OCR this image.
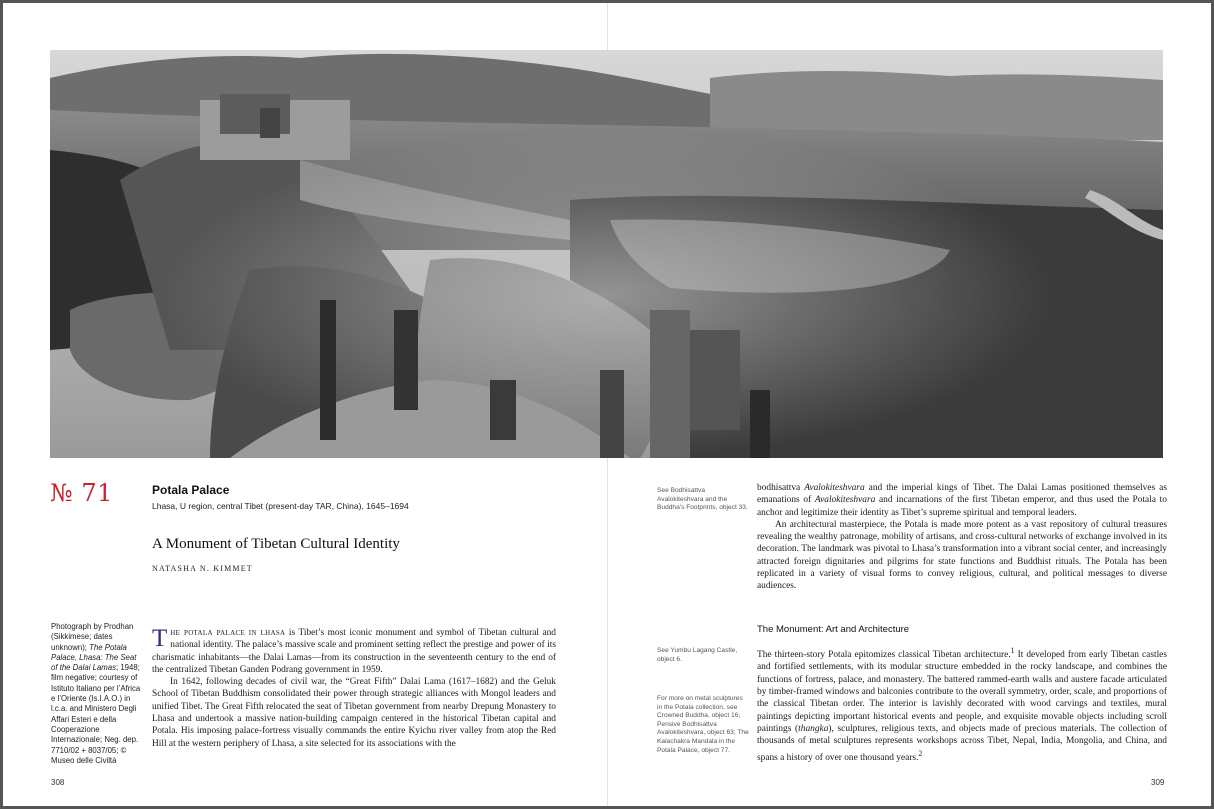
№ 71	Potala Palace
Lhasa, U region, central Tibet (present-day TAR, China), 1645–1694
A Monument of Tibetan Cultural Identity
NATASHA N. KIMMET
Photograph by Prodhan (Sikkimese; dates unknown); The Potala Palace, Lhasa: The Seat of the Dalai Lamas; 1948; film negative; courtesy of Istituto Italiano per l’Africa e l’Oriente (Is.I.A.O.) in l.c.a. and Ministero Degli Affari Esteri e della Cooperazione Internazionale; Neg. dep. 7710/02 + 8037/05; © Museo delle Civiltà

The potala palace in lhasa is Tibet’s most iconic monument and symbol of Tibetan cultural and national identity. The palace’s massive scale and prominent setting reflect the prestige and power of its charismatic inhabitants—the Dalai Lamas—from its construction in the seventeenth century to the end of the centralized Tibetan Ganden Podrang government in 1959.

In 1642, following decades of civil war, the “Great Fifth” Dalai Lama (1617–1682) and the Geluk School of Tibetan Buddhism consolidated their power through strategic alliances with Mongol leaders and unified Tibet. The Great Fifth relocated the seat of Tibetan government from nearby Drepung Monastery to Lhasa and undertook a massive nation-building campaign centered in the historical Tibetan capital and Potala. His imposing palace-fortress visually commands the entire Kyichu river valley from atop the Red Hill at the western periphery of Lhasa, a site selected for its associations with the

bodhisattva Avalokiteshvara and the imperial kings of Tibet. The Dalai Lamas positioned themselves as emanations of Avalokiteshvara and incarnations of the first Tibetan emperor, and thus used the Potala to anchor and legitimize their identity as Tibet’s supreme spiritual and temporal leaders.

An architectural masterpiece, the Potala is made more potent as a vast repository of cultural treasures revealing the wealthy patronage, mobility of artisans, and cross-cultural networks of exchange involved in its decoration. The landmark was pivotal to Lhasa’s transformation into a vibrant social center, and increasingly attracted foreign dignitaries and pilgrims for state functions and Buddhist rituals. The Potala has been replicated in a variety of visual forms to convey religious, cultural, and political messages to diverse audiences.

The Monument: Art and Architecture

The thirteen-story Potala epitomizes classical Tibetan architecture.$^1$ It developed from early Tibetan castles and fortified settlements, with its modular structure embedded in the rocky landscape, and combines the functions of fortress, palace, and monastery. The battered rammed-earth walls and austere facade articulated by timber-framed windows and balconies contribute to the overall symmetry, order, scale, and proportions of the classical Tibetan order. The interior is lavishly decorated with wood carvings and textiles, mural paintings depicting important historical events and people, and exquisite movable objects including scroll paintings (thangka), sculptures, religious texts, and objects made of precious materials. The collection of thousands of metal sculptures represents workshops across Tibet, Nepal, India, Mongolia, and China, and spans a history of over one thousand years.$^2$

See Bodhisattva Avalokiteshvara and the Buddha’s Footprints, object 33.
See Yumbu Lagang Castle, object 6.
For more on metal sculptures in the Potala collection, see Crowned Buddha, object 16; Pensive Bodhisattva Avalokiteshvara, object 63; The Kalachakra Mandala in the Potala Palace, object 77.
308	309
